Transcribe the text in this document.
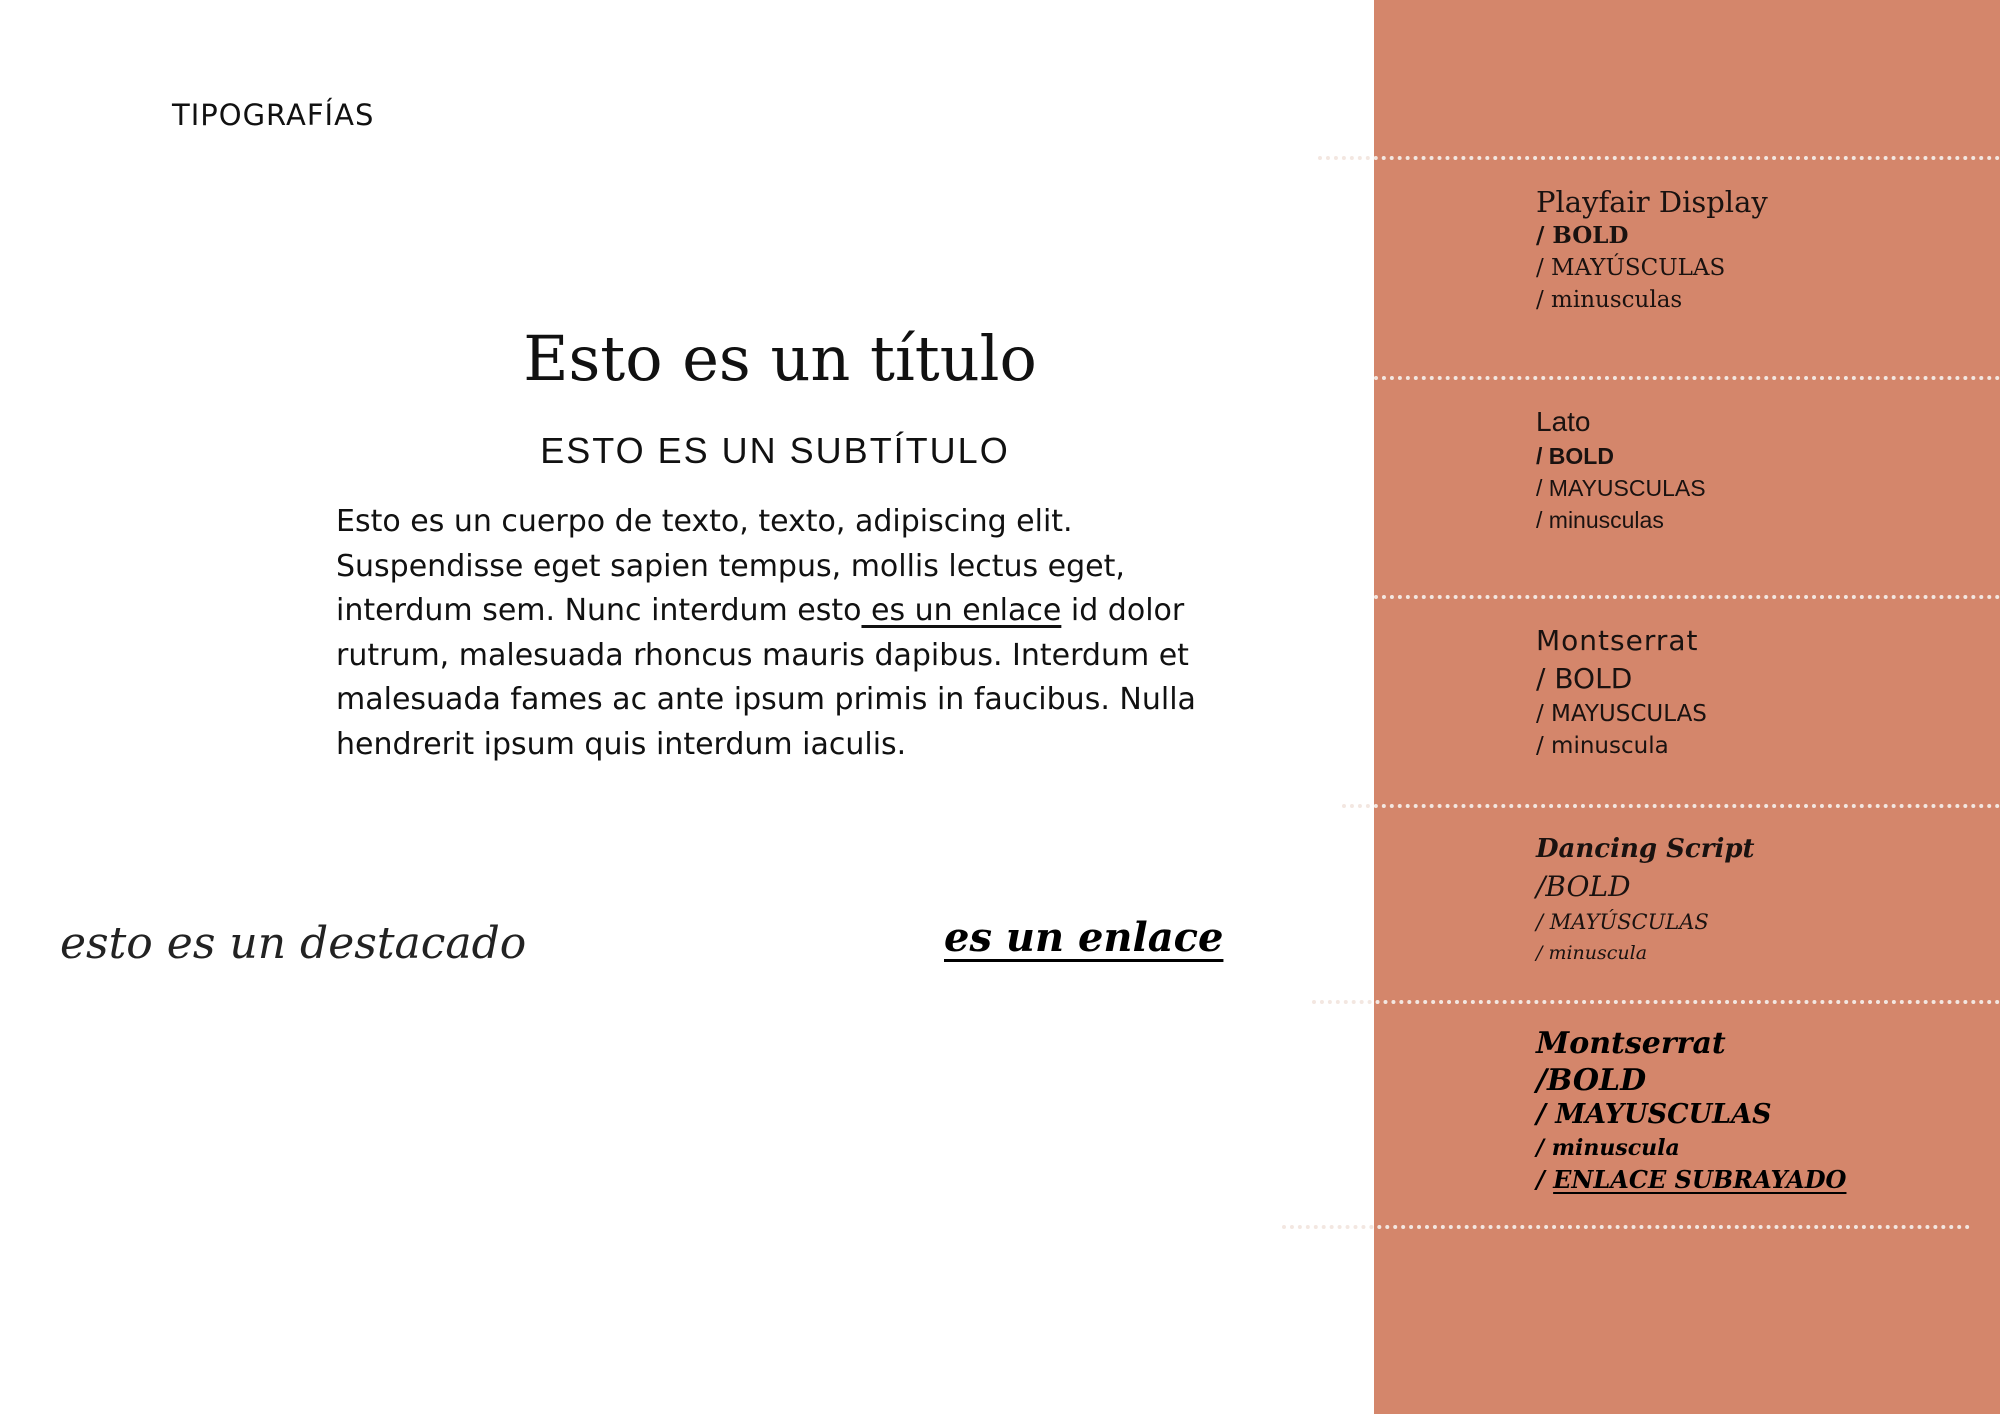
TIPOGRAFÍAS
Esto es un título
ESTO ES UN SUBTÍTULO
Esto es un cuerpo de texto, texto, adipiscing elit. Suspendisse eget sapien tempus, mollis lectus eget, interdum sem. Nunc interdum esto es un enlace id dolor rutrum, malesuada rhoncus mauris dapibus. Interdum et malesuada fames ac ante ipsum primis in faucibus. Nulla hendrerit ipsum quis interdum iaculis.
esto es un destacado	es un enlace
Playfair Display
/ BOLD
/ MAYÚSCULAS
/ minusculas
Lato
/ BOLD
/ MAYUSCULAS
/ minusculas
Montserrat
/ BOLD
/ MAYUSCULAS
/ minuscula
Dancing Script
/BOLD
/ MAYÚSCULAS
/ minuscula
Montserrat
/BOLD
/ MAYUSCULAS
/ minuscula
/ ENLACE SUBRAYADO
